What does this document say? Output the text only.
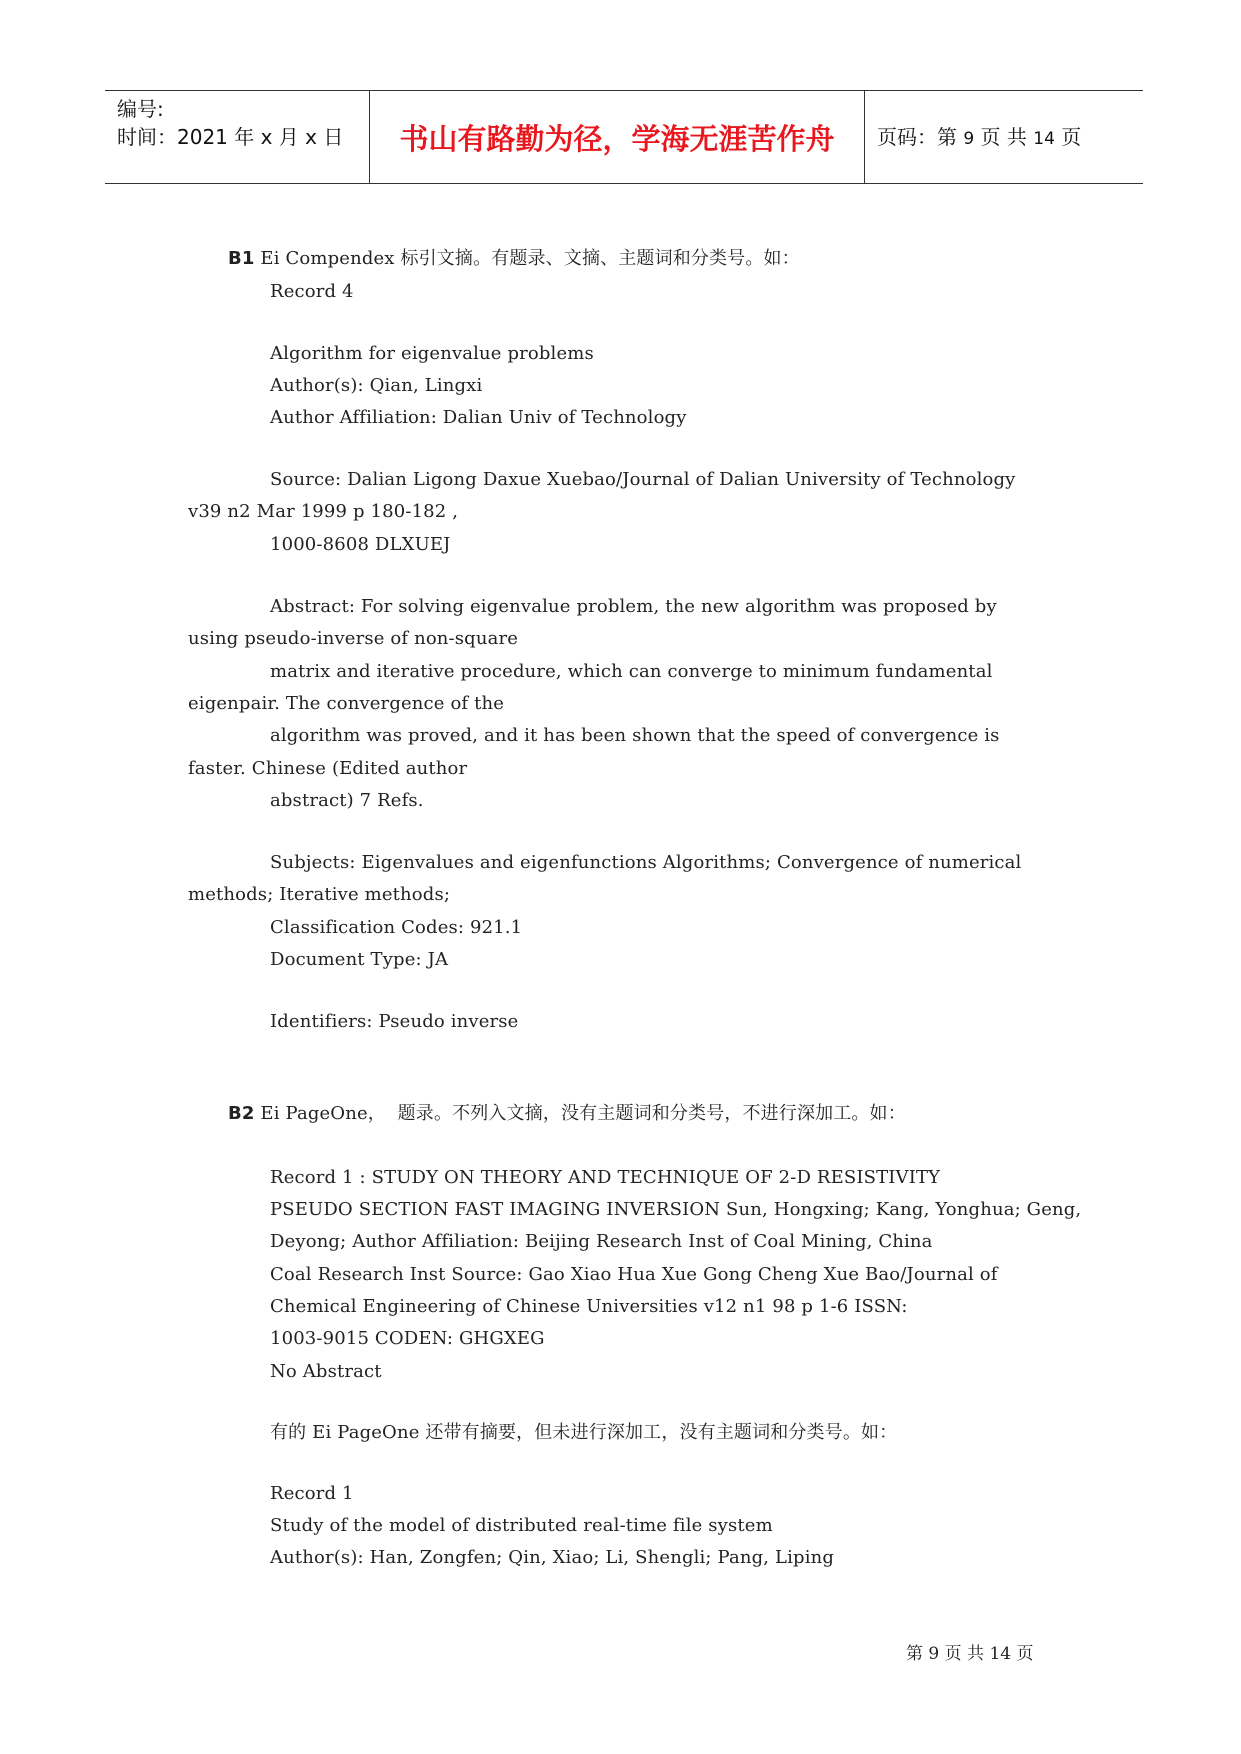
编号:
时间：2021 年 x 月 x 日	书山有路勤为径，学海无涯苦作舟	页码：第 9 页 共 14 页
B1 Ei Compendex 标引文摘。有题录、文摘、主题词和分类号。如：
Record 4
Algorithm for eigenvalue problems
Author(s): Qian, Lingxi
Author Affiliation: Dalian Univ of Technology
Source: Dalian Ligong Daxue Xuebao/Journal of Dalian University of Technology
v39 n2 Mar 1999 p 180-182 ,
1000-8608 DLXUEJ
Abstract: For solving eigenvalue problem, the new algorithm was proposed by
using pseudo-inverse of non-square
matrix and iterative procedure, which can converge to minimum fundamental
eigenpair. The convergence of the
algorithm was proved, and it has been shown that the speed of convergence is
faster. Chinese (Edited author
abstract) 7 Refs.
Subjects: Eigenvalues and eigenfunctions Algorithms; Convergence of numerical
methods; Iterative methods;
Classification Codes: 921.1
Document Type: JA
Identifiers: Pseudo inverse
B2 Ei PageOne，  题录。不列入文摘，没有主题词和分类号，不进行深加工。如：
Record 1 : STUDY ON THEORY AND TECHNIQUE OF 2-D RESISTIVITY
PSEUDO SECTION FAST IMAGING INVERSION Sun, Hongxing; Kang, Yonghua; Geng,
Deyong; Author Affiliation: Beijing Research Inst of Coal Mining, China
Coal Research Inst Source: Gao Xiao Hua Xue Gong Cheng Xue Bao/Journal of
Chemical Engineering of Chinese Universities v12 n1 98 p 1-6 ISSN:
1003-9015 CODEN: GHGXEG
No Abstract
有的 Ei PageOne 还带有摘要，但未进行深加工，没有主题词和分类号。如：
Record 1
Study of the model of distributed real-time file system
Author(s): Han, Zongfen; Qin, Xiao; Li, Shengli; Pang, Liping
第 9 页 共 14 页
